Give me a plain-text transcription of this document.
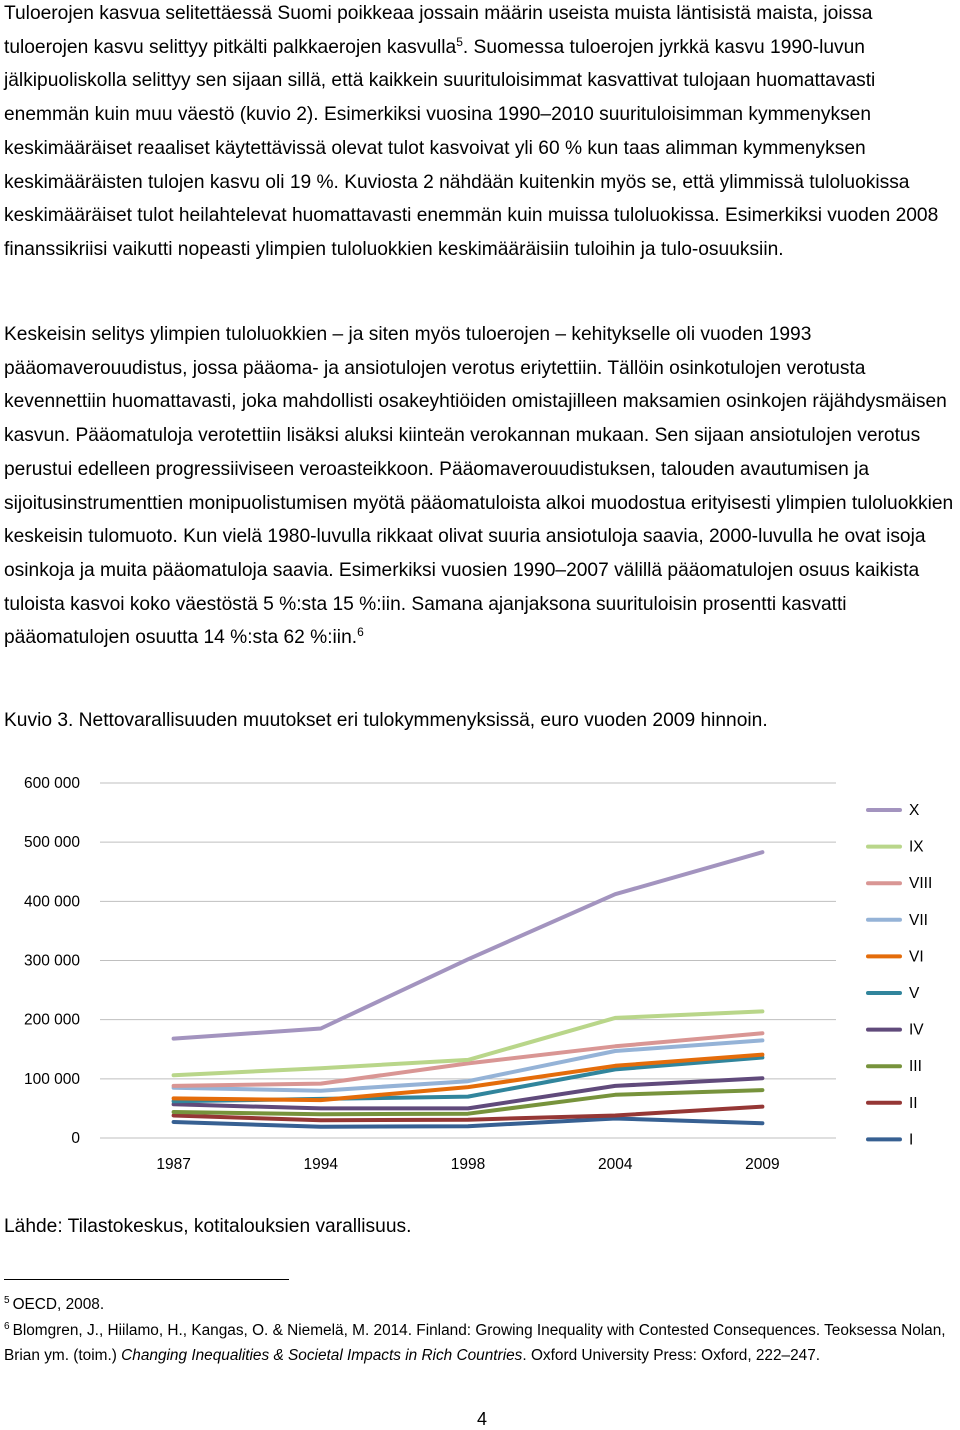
Tuloerojen kasvua selitettäessä Suomi poikkeaa jossain määrin useista muista läntisistä maista, joissa tuloerojen kasvu selittyy pitkälti palkkaerojen kasvulla$^5$. Suomessa tuloerojen jyrkkä kasvu 1990-luvun jälkipuoliskolla selittyy sen sijaan sillä, että kaikkein suurituloisimmat kasvattivat tulojaan huomattavasti enemmän kuin muu väestö (kuvio 2). Esimerkiksi vuosina 1990–2010 suurituloisimman kymmenyksen keskimääräiset reaaliset käytettävissä olevat tulot kasvoivat yli 60 % kun taas alimman kymmenyksen keskimääräisten tulojen kasvu oli 19 %. Kuviosta 2 nähdään kuitenkin myös se, että ylimmissä tuloluokissa keskimääräiset tulot heilahtelevat huomattavasti enemmän kuin muissa tuloluokissa. Esimerkiksi vuoden 2008 finanssikriisi vaikutti nopeasti ylimpien tuloluokkien keskimääräisiin tuloihin ja tulo-osuuksiin.

Keskeisin selitys ylimpien tuloluokkien – ja siten myös tuloerojen – kehitykselle oli vuoden 1993 pääomaverouudistus, jossa pääoma- ja ansiotulojen verotus eriytettiin. Tällöin osinkotulojen verotusta kevennettiin huomattavasti, joka mahdollisti osakeyhtiöiden omistajilleen maksamien osinkojen räjähdysmäisen kasvun. Pääomatuloja verotettiin lisäksi aluksi kiinteän verokannan mukaan. Sen sijaan ansiotulojen verotus perustui edelleen progressiiviseen veroasteikkoon. Pääomaverouudistuksen, talouden avautumisen ja sijoitusinstrumenttien monipuolistumisen myötä pääomatuloista alkoi muodostua erityisesti ylimpien tuloluokkien keskeisin tulomuoto. Kun vielä 1980-luvulla rikkaat olivat suuria ansiotuloja saavia, 2000-luvulla he ovat isoja osinkoja ja muita pääomatuloja saavia. Esimerkiksi vuosien 1990–2007 välillä pääomatulojen osuus kaikista tuloista kasvoi koko väestöstä 5 %:sta 15 %:iin. Samana ajanjaksona suurituloisin prosentti kasvatti pääomatulojen osuutta 14 %:sta 62 %:iin.$^6$

Kuvio 3. Nettovarallisuuden muutokset eri tulokymmenyksissä, euro vuoden 2009 hinnoin.

0
100 000
200 000
300 000
400 000
500 000
600 000
1987	1994	1998	2004	2009
X
IX
VIII
VII
VI
V
IV
III
II
I

Lähde: Tilastokeskus, kotitalouksien varallisuus.

$^5$ OECD, 2008.

$^6$ Blomgren, J., Hiilamo, H., Kangas, O. & Niemelä, M. 2014. Finland: Growing Inequality with Contested Consequences. Teoksessa Nolan, Brian ym. (toim.) Changing Inequalities & Societal Impacts in Rich Countries. Oxford University Press: Oxford, 222–247.

4
